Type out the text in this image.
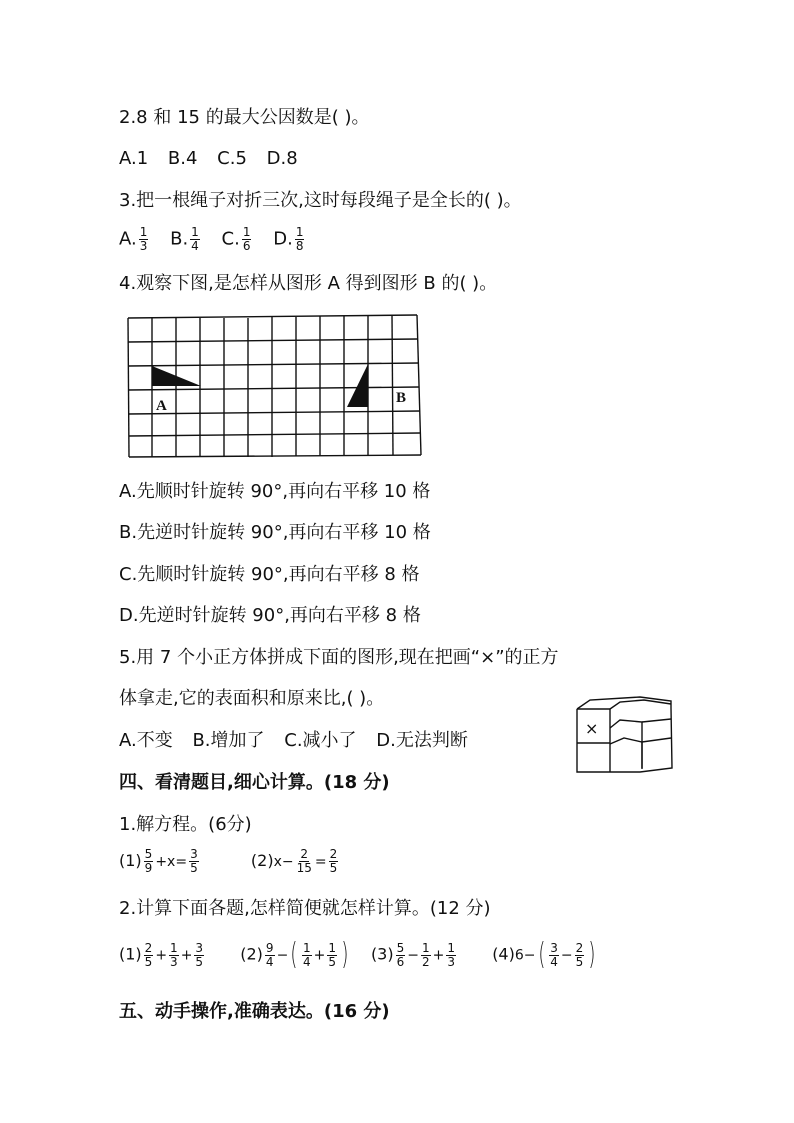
2.8 和 15 的最大公因数是( )。
A.1 B.4 C.5 D.8
3.把一根绳子对折三次,这时每段绳子是全长的( )。
A. $\frac{1}{3} B$. $\frac{1}{4} C$. $\frac{1}{6} D$. $\frac{1}{8}$
4.观察下图,是怎样从图形 A 得到图形 B 的( )。
A	B
A.先顺时针旋转 90°,再向右平移 10 格
B.先逆时针旋转 90°,再向右平移 10 格
C.先顺时针旋转 90°,再向右平移 8 格
D.先逆时针旋转 90°,再向右平移 8 格
5.用 7 个小正方体拼成下面的图形,现在把画“×”的正方
体拿走,它的表面积和原来比,( )。
A.不变 B.增加了 C.减小了 D.无法判断
×
四、看清题目,细心计算。(18 分)
1.解方程。(6分)
$(1) \frac{5}{9} +x= \frac{3}{5}$	$(2)x- \frac{2}{15} = \frac{2}{5}$
2.计算下面各题,怎样简便就怎样计算。(12 分)
$(1) \frac{2}{5} + \frac{1}{3} + \frac{3}{5} (2) \frac{9}{4}$ −( $\frac{1}{4} + \frac{1}{5}$ ) $(3) \frac{5}{6} - \frac{1}{2} + \frac{1}{3} (4)6-( \frac{3}{4} - \frac{2}{5}$ )
五、动手操作,准确表达。(16 分)
